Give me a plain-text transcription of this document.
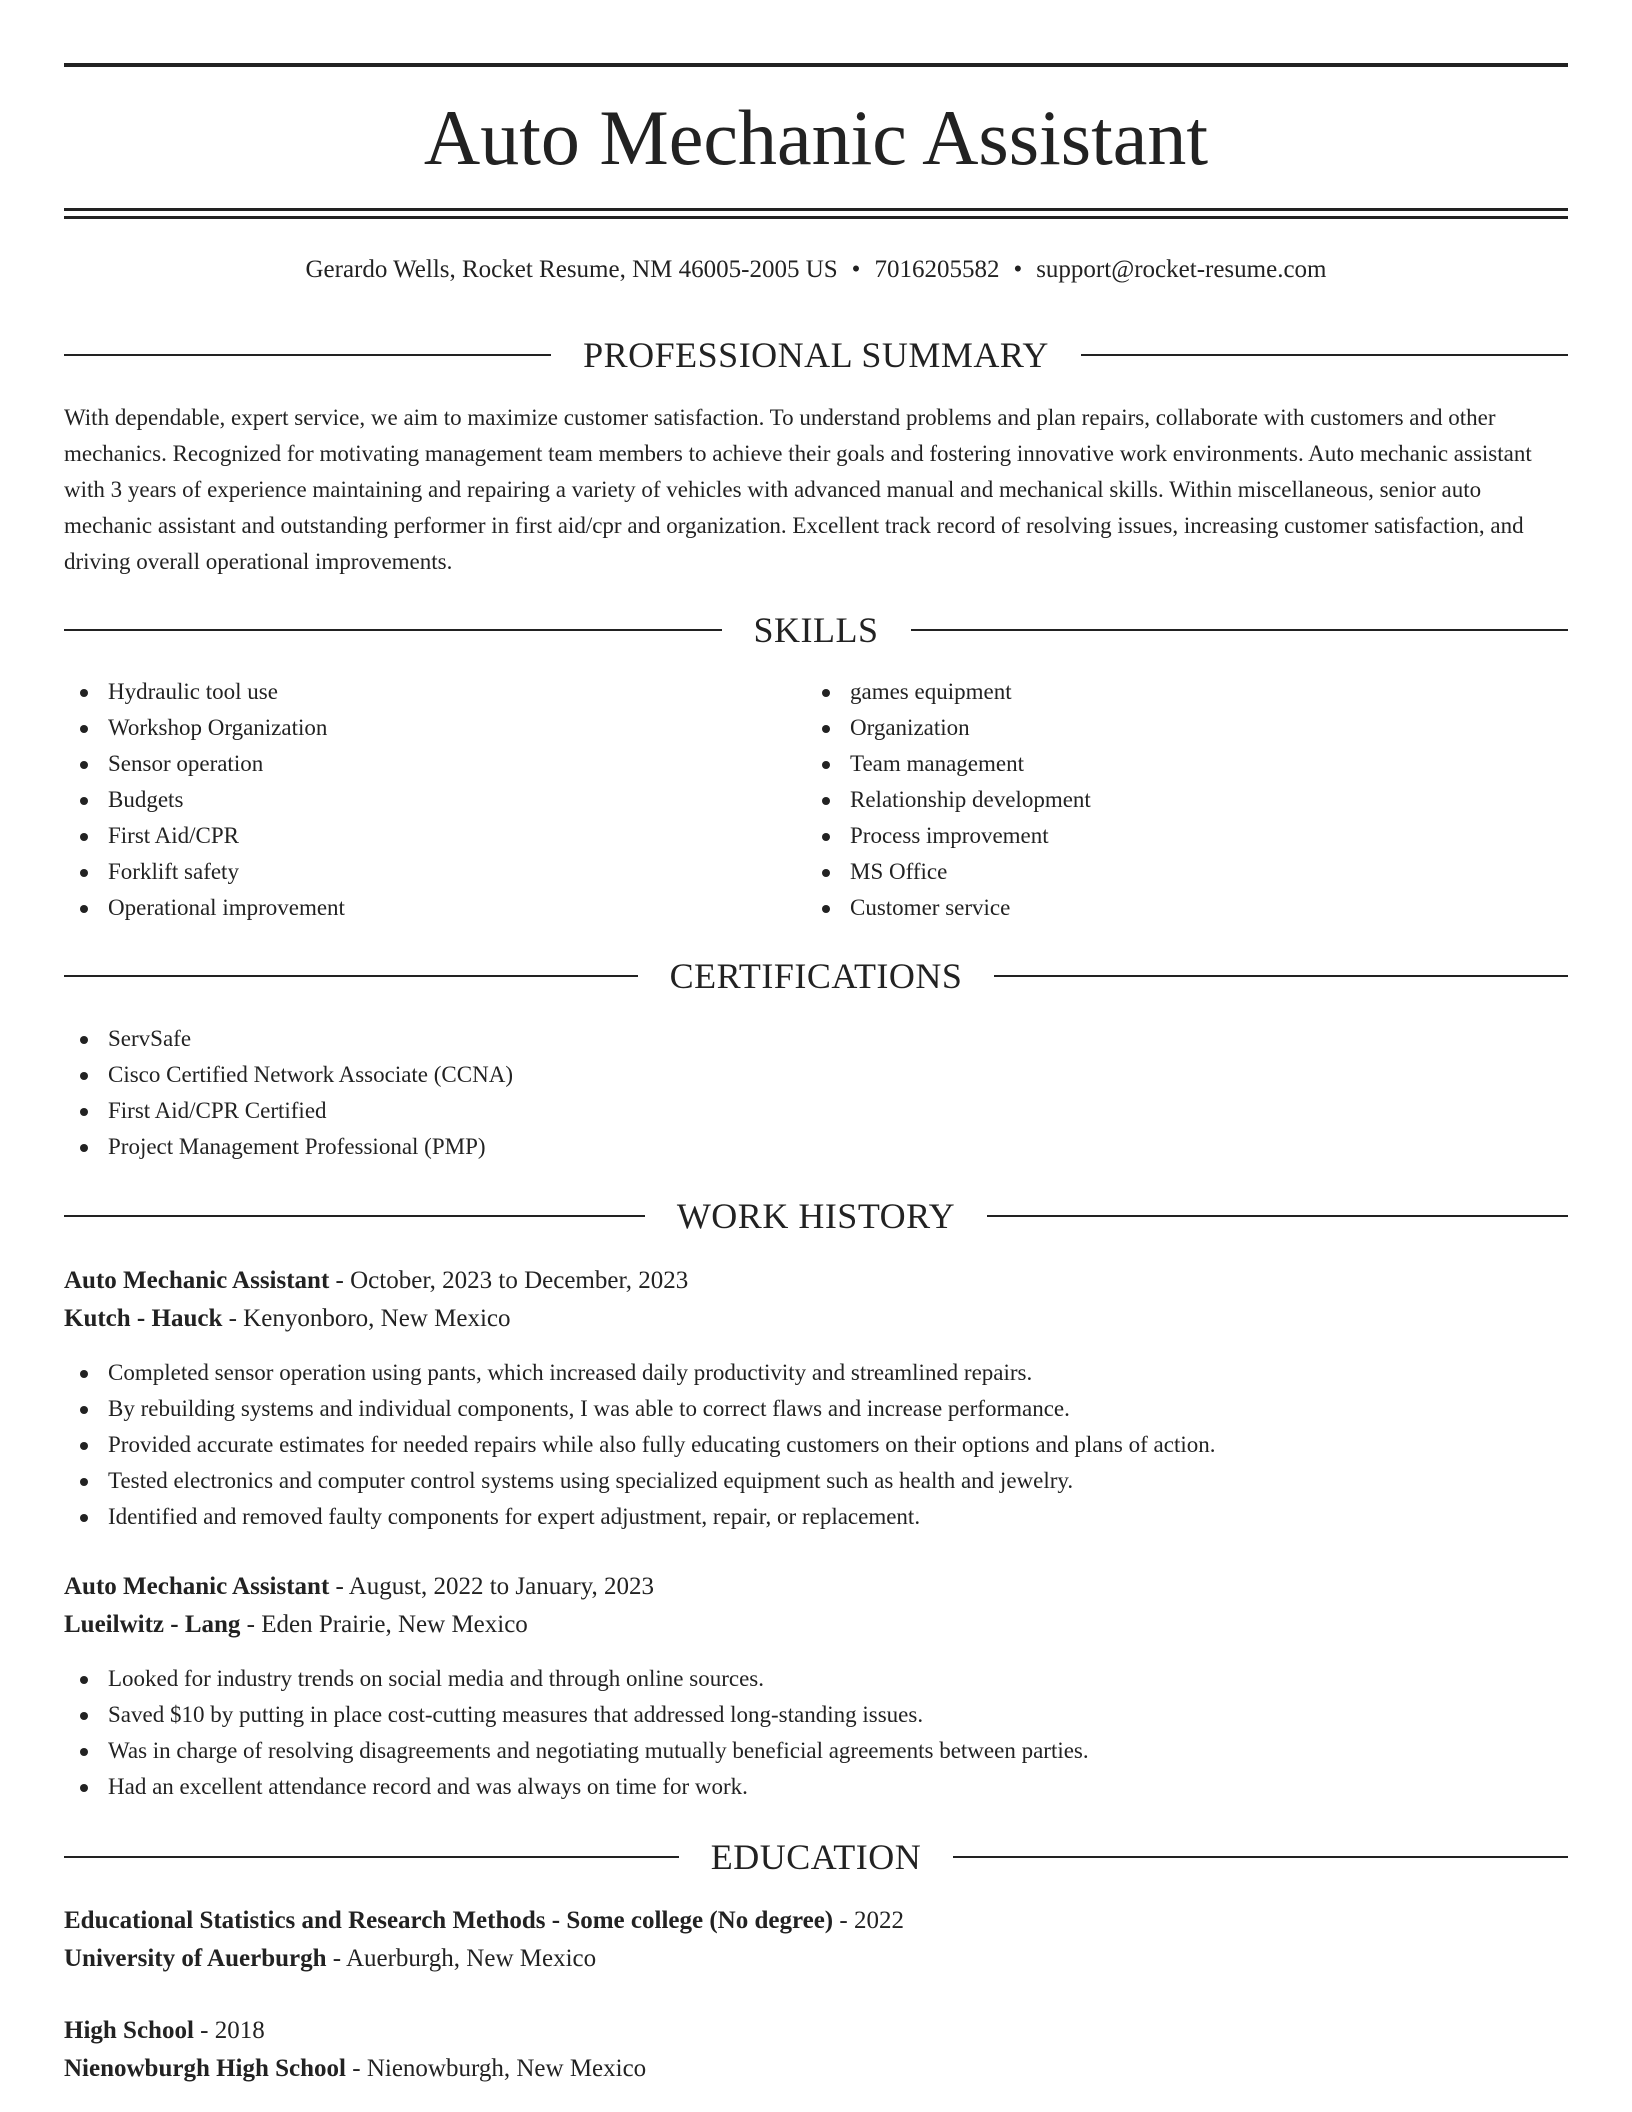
Auto Mechanic Assistant
Gerardo Wells, Rocket Resume, NM 46005-2005 US • 7016205582 • support@rocket-resume.com
PROFESSIONAL SUMMARY

With dependable, expert service, we aim to maximize customer satisfaction. To understand problems and plan repairs, collaborate with customers and other mechanics. Recognized for motivating management team members to achieve their goals and fostering innovative work environments. Auto mechanic assistant with 3 years of experience maintaining and repairing a variety of vehicles with advanced manual and mechanical skills. Within miscellaneous, senior auto mechanic assistant and outstanding performer in first aid/cpr and organization. Excellent track record of resolving issues, increasing customer satisfaction, and driving overall operational improvements.

SKILLS
Hydraulic tool use
Workshop Organization
Sensor operation
Budgets
First Aid/CPR
Forklift safety
Operational improvement
games equipment
Organization
Team management
Relationship development
Process improvement
MS Office
Customer service
CERTIFICATIONS
ServSafe
Cisco Certified Network Associate (CCNA)
First Aid/CPR Certified
Project Management Professional (PMP)
WORK HISTORY
Auto Mechanic Assistant - October, 2023 to December, 2023
Kutch - Hauck - Kenyonboro, New Mexico
Completed sensor operation using pants, which increased daily productivity and streamlined repairs.
By rebuilding systems and individual components, I was able to correct flaws and increase performance.
Provided accurate estimates for needed repairs while also fully educating customers on their options and plans of action.
Tested electronics and computer control systems using specialized equipment such as health and jewelry.
Identified and removed faulty components for expert adjustment, repair, or replacement.
Auto Mechanic Assistant - August, 2022 to January, 2023
Lueilwitz - Lang - Eden Prairie, New Mexico
Looked for industry trends on social media and through online sources.
Saved $10 by putting in place cost-cutting measures that addressed long-standing issues.
Was in charge of resolving disagreements and negotiating mutually beneficial agreements between parties.
Had an excellent attendance record and was always on time for work.
EDUCATION
Educational Statistics and Research Methods - Some college (No degree) - 2022
University of Auerburgh - Auerburgh, New Mexico
High School - 2018
Nienowburgh High School - Nienowburgh, New Mexico
